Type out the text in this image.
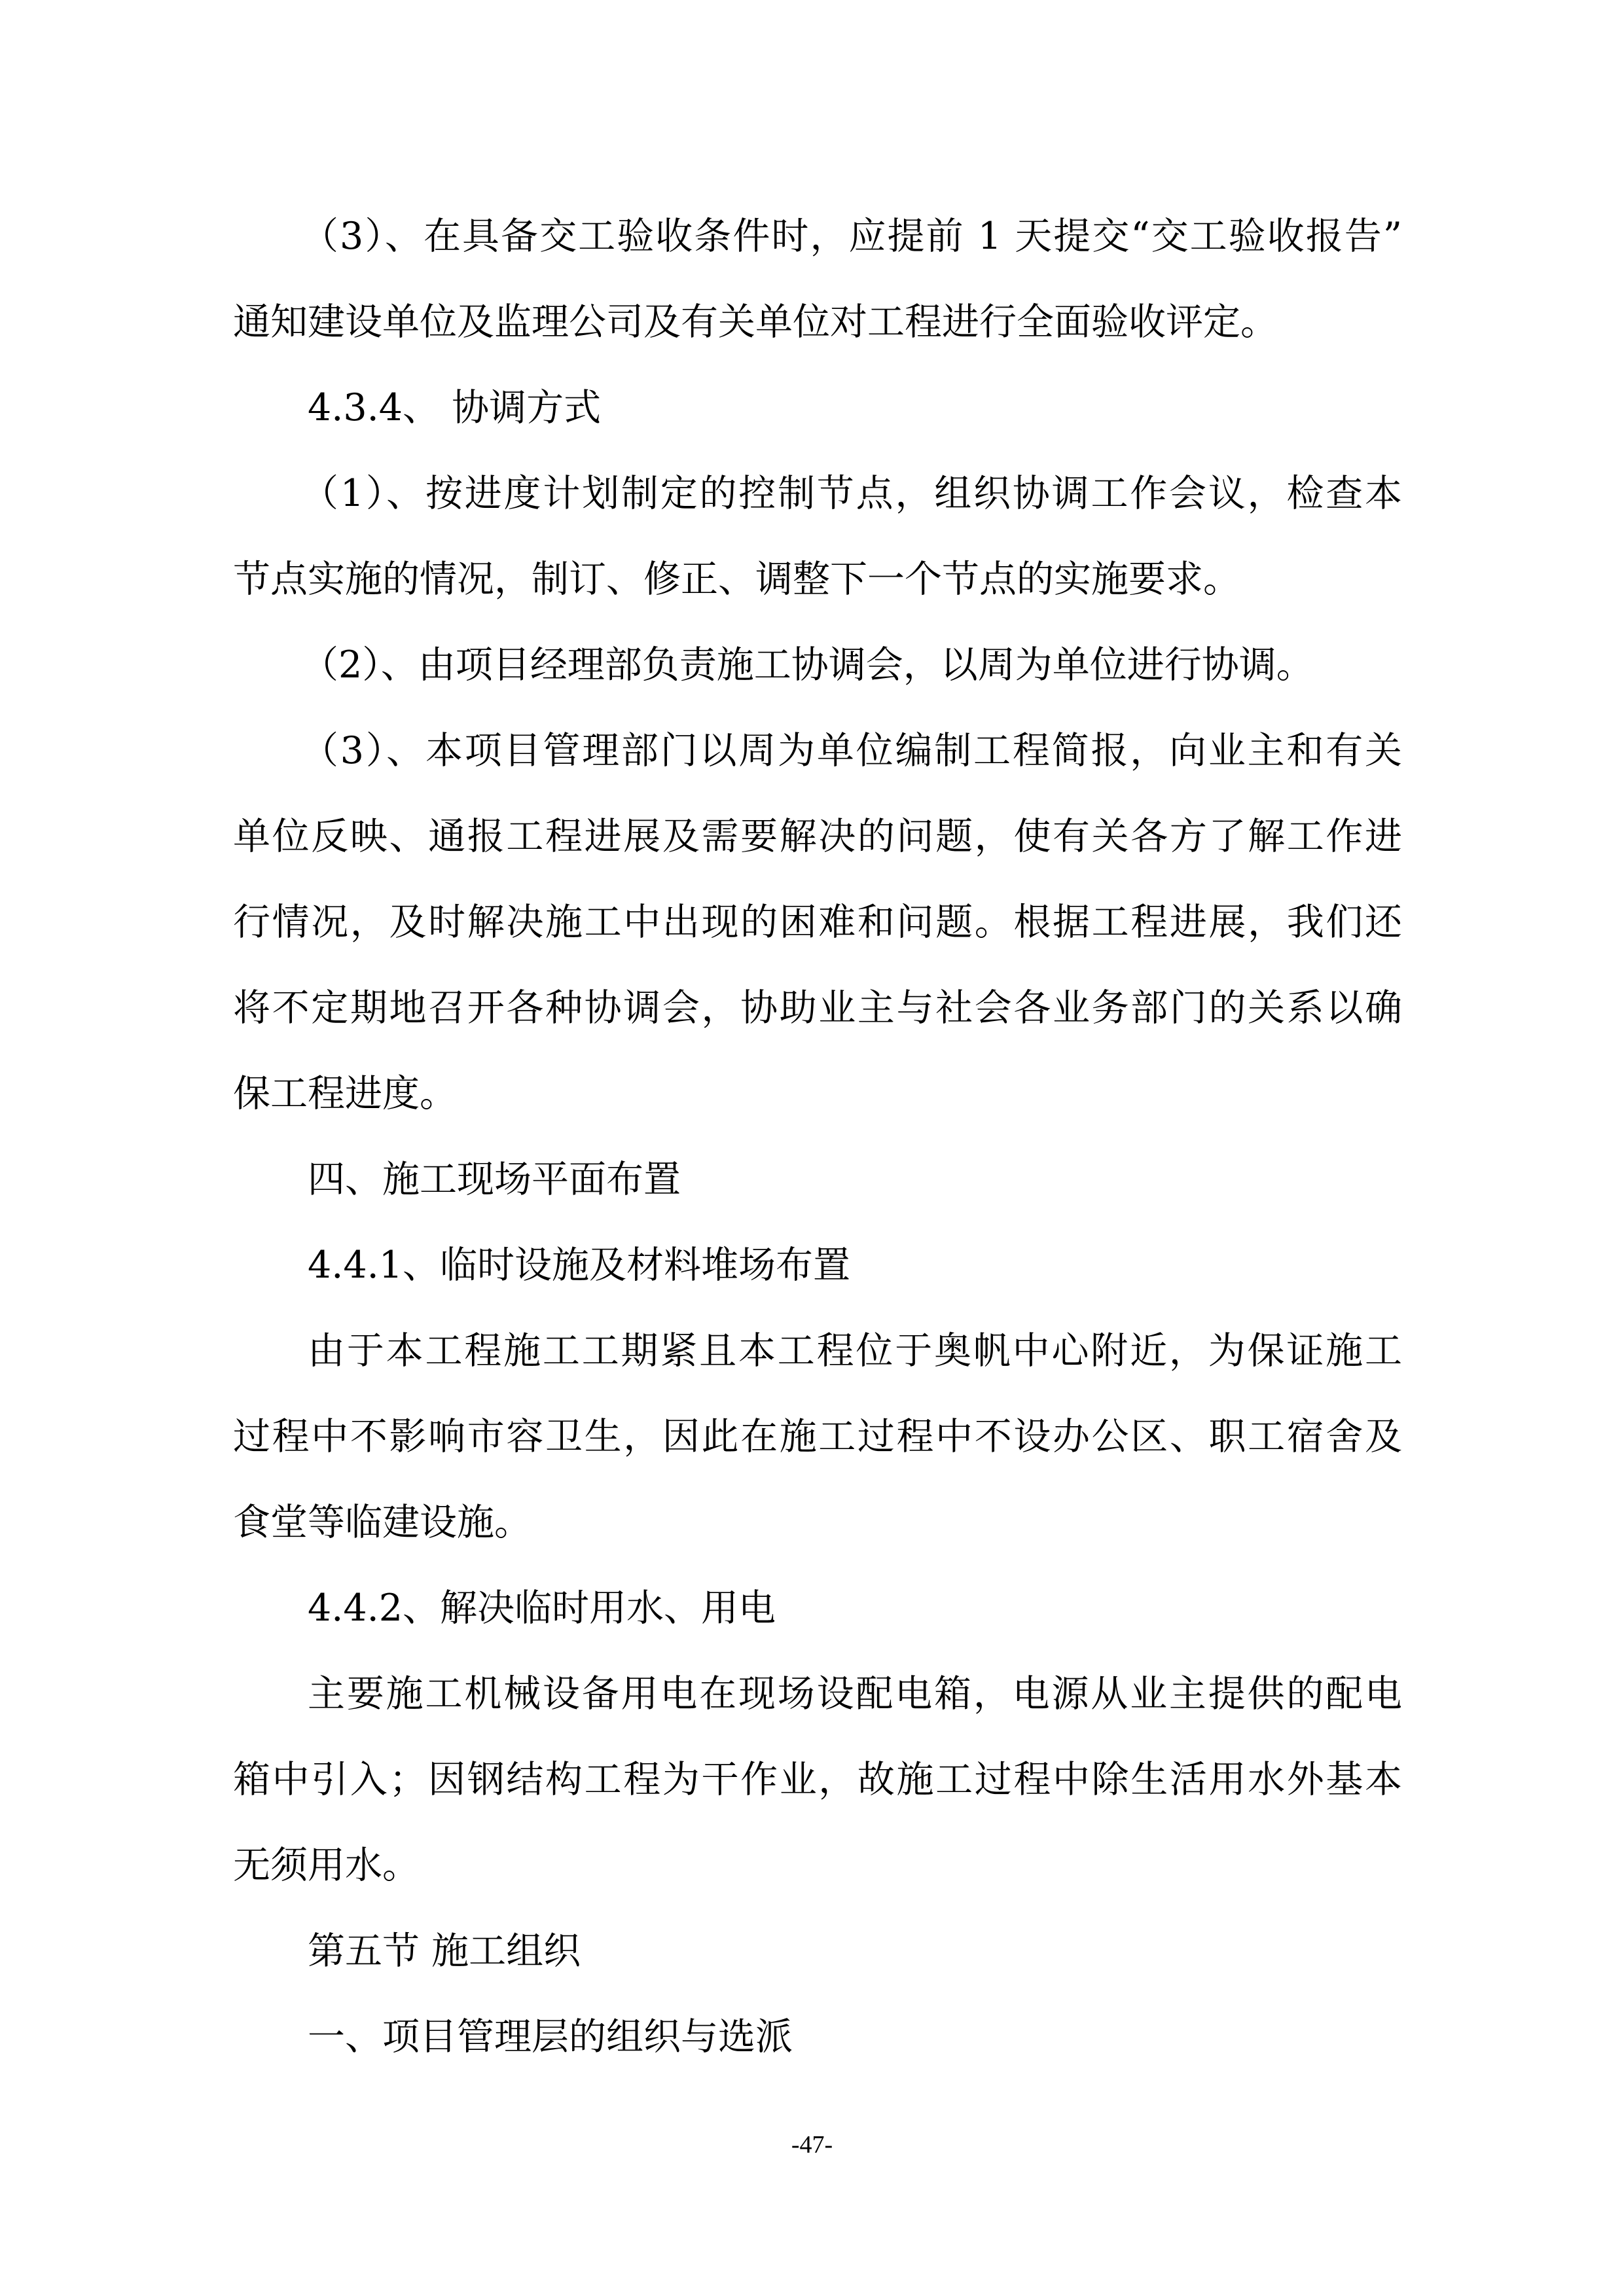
（3）、在具备交工验收条件时，应提前 1 天提交“交工验收报告”
通知建设单位及监理公司及有关单位对工程进行全面验收评定。
4.3.4、 协调方式
（1）、按进度计划制定的控制节点，组织协调工作会议，检查本
节点实施的情况，制订、修正、调整下一个节点的实施要求。
（2）、由项目经理部负责施工协调会，以周为单位进行协调。
（3）、本项目管理部门以周为单位编制工程简报，向业主和有关
单位反映、通报工程进展及需要解决的问题，使有关各方了解工作进
行情况，及时解决施工中出现的困难和问题。根据工程进展，我们还
将不定期地召开各种协调会，协助业主与社会各业务部门的关系以确
保工程进度。
四、施工现场平面布置
4.4.1、临时设施及材料堆场布置
由于本工程施工工期紧且本工程位于奥帆中心附近，为保证施工
过程中不影响市容卫生，因此在施工过程中不设办公区、职工宿舍及
食堂等临建设施。
4.4.2、解决临时用水、用电
主要施工机械设备用电在现场设配电箱，电源从业主提供的配电
箱中引入；因钢结构工程为干作业，故施工过程中除生活用水外基本
无须用水。
第五节 施工组织
一、项目管理层的组织与选派
-47-
